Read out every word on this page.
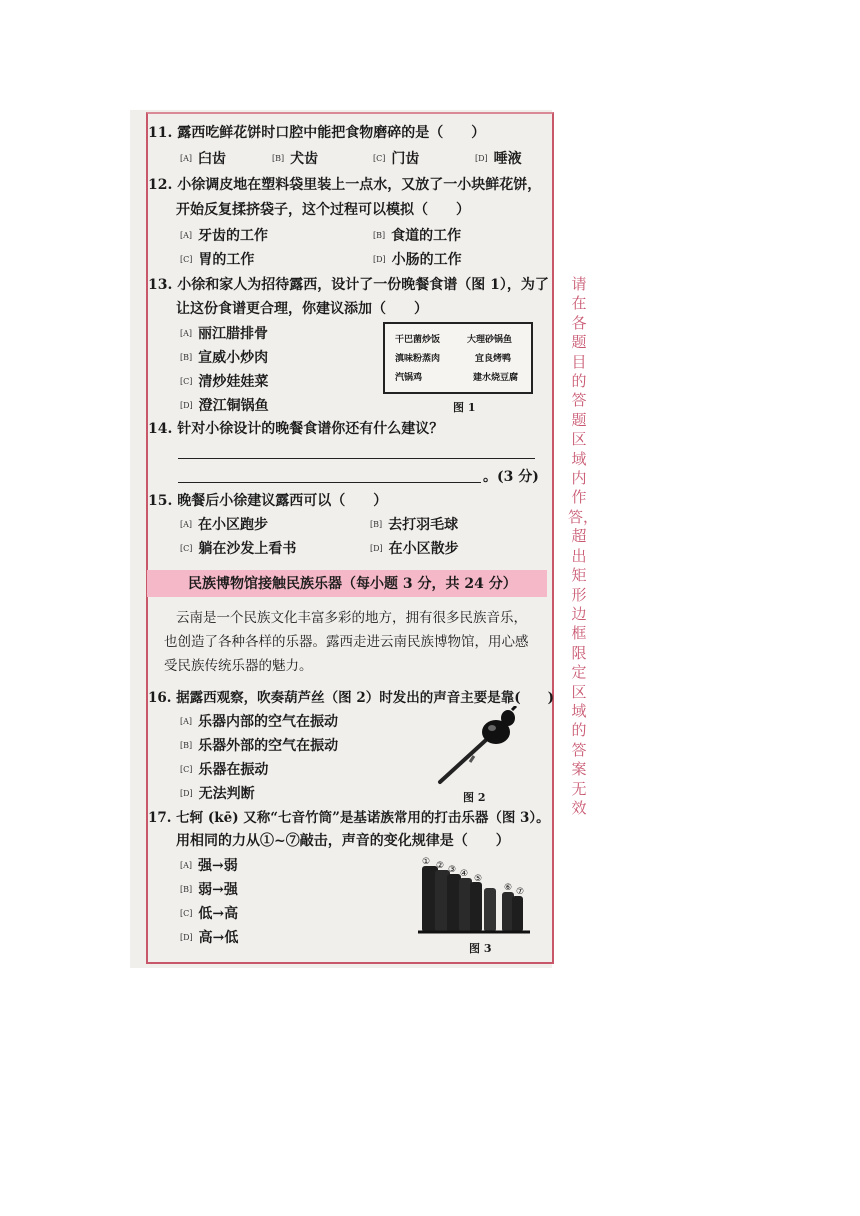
11. 露西吃鲜花饼时口腔中能把食物磨碎的是（　　）
[A] 臼齿	[B] 犬齿	[C] 门齿	[D] 唾液
12. 小徐调皮地在塑料袋里装上一点水，又放了一小块鲜花饼，
开始反复揉挤袋子，这个过程可以模拟（　　）
[A] 牙齿的工作	[B] 食道的工作
[C] 胃的工作	[D] 小肠的工作
13. 小徐和家人为招待露西，设计了一份晚餐食谱（图 1），为了
让这份食谱更合理，你建议添加（　　）
[A] 丽江腊排骨
[B] 宣威小炒肉
[C] 清炒娃娃菜
[D] 澄江铜锅鱼
干巴菌炒饭	大理砂锅鱼
滇味粉蒸肉	宜良烤鸭
汽锅鸡	建水烧豆腐
图 1
14. 针对小徐设计的晚餐食谱你还有什么建议？
。(3 分)
15. 晚餐后小徐建议露西可以（　　）
[A] 在小区跑步	[B] 去打羽毛球
[C] 躺在沙发上看书	[D] 在小区散步
民族博物馆接触民族乐器（每小题 3 分，共 24 分）
云南是一个民族文化丰富多彩的地方，拥有很多民族音乐，
也创造了各种各样的乐器。露西走进云南民族博物馆，用心感
受民族传统乐器的魅力。
16. 据露西观察，吹奏葫芦丝（图 2）时发出的声音主要是靠(　　)
[A] 乐器内部的空气在振动
[B] 乐器外部的空气在振动
[C] 乐器在振动
[D] 无法判断	图 2
17. 七轲 (kē) 又称“七音竹筒”是基诺族常用的打击乐器（图 3）。
用相同的力从①~⑦敲击，声音的变化规律是（　　）
[A] 强→弱
[B] 弱→强
[C] 低→高
[D] 高→低
① ② ③ ④ ⑤
⑥ ⑦
图 3
请在各题目的答题区域内作答，超出矩形边框限定区域的答案无效
